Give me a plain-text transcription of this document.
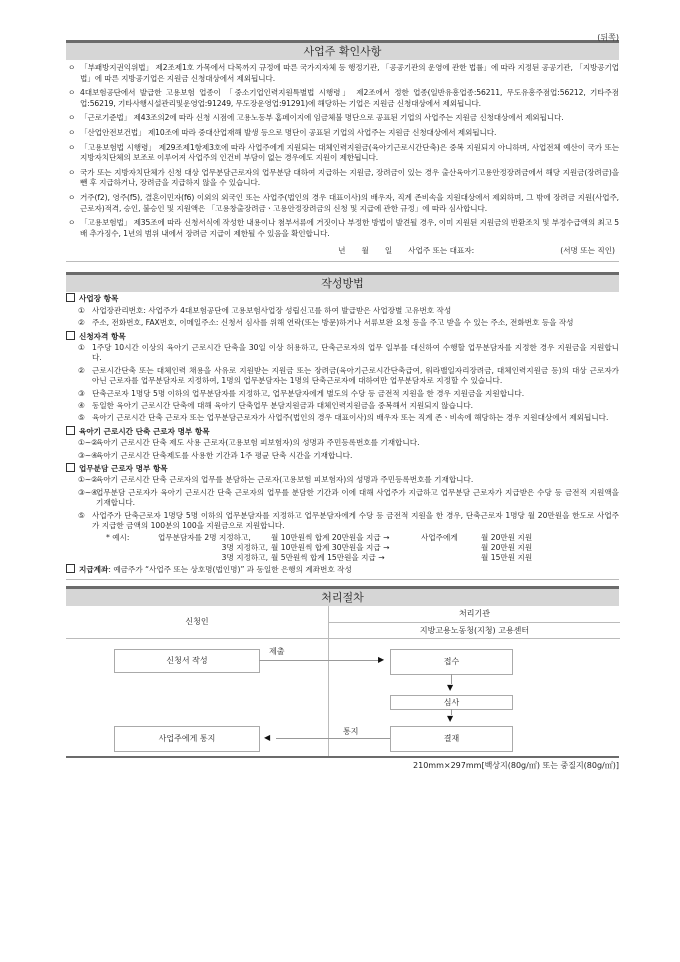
(뒤쪽)
사업주 확인사항
ㅇ 「부패방지권익위법」 제2조제1호 가목에서 다목까지 규정에 따른 국가지자체 등 행정기관, 「공공기관의 운영에 관한 법률」에 따라 지정된 공공기관, 「지방공기업법」에 따른 지방공기업은 지원금 신청대상에서 제외됩니다.
ㅇ 4대보험공단에서 발급한 고용보험 업종이 「중소기업인력지원특별법 시행령」 제2조에서 정한 업종(일반유흥업종:56211, 무도유흥주점업:56212, 기타주점업:56219, 기타사행시설관리및운영업:91249, 무도장운영업:91291)에 해당하는 기업은 지원금 신청대상에서 제외됩니다.
ㅇ 「근로기준법」 제43조의2에 따라 신청 시점에 고용노동부 홈페이지에 임금체불 명단으로 공표된 기업의 사업주는 지원금 신청대상에서 제외됩니다.
ㅇ 「산업안전보건법」 제10조에 따라 중대산업재해 발생 등으로 명단이 공표된 기업의 사업주는 지원금 신청대상에서 제외됩니다.
ㅇ 「고용보험법 시행령」 제29조제1항제3호에 따라 사업주에게 지원되는 대체인력지원금(육아기근로시간단축)은 중복 지원되지 아니하며, 사업전체 예산이 국가 또는 지방자치단체의 보조로 이루어져 사업주의 인건비 부담이 없는 경우에도 지원이 제한됩니다.
ㅇ 국가 또는 지방자치단체가 신청 대상 업무분담근로자의 업무분담 대하여 지급하는 지원금, 장려금이 있는 경우 출산육아기고용안정장려금에서 해당 지원금(장려금)을 뺀 후 지급하거나, 장려금을 지급하지 않을 수 있습니다.
ㅇ 거주(f2), 영주(f5), 결혼이민자(f6) 이외의 외국인 또는 사업주(법인의 경우 대표이사)의 배우자, 직계 존비속을 지원대상에서 제외하며, 그 밖에 장려금 지원(사업주, 근로자)적격, 승인, 불승인 및 지원액은 「고용창출장려금ㆍ고용안정장려금의 신청 및 지급에 관한 규정」에 따라 심사합니다.
ㅇ 「고용보험법」 제35조에 따라 신청서식에 작성한 내용이나 첨부서류에 거짓이나 부정한 방법이 발견될 경우, 이미 지원된 지원금의 반환조치 및 부정수급액의 최고 5배 추가징수, 1년의 범위 내에서 장려금 지급이 제한될 수 있음을 확인합니다.
년 월 일 사업주 또는 대표자:	(서명 또는 직인)
작성방법
사업장 항목
① 사업장관리번호: 사업주가 4대보험공단에 고용보험사업장 성립신고를 하여 발급받은 사업장별 고유번호 작성
② 주소, 전화번호, FAX번호, 이메일주소: 신청서 심사를 위해 연락(또는 방문)하거나 서류보완 요청 등을 주고 받을 수 있는 주소, 전화번호 등을 작성
신청자격 항목
① 1주당 10시간 이상의 육아기 근로시간 단축을 30일 이상 허용하고, 단축근로자의 업무 일부를 대신하여 수행할 업무분담자를 지정한 경우 지원금을 지원합니다.
② 근로시간단축 또는 대체인력 채용을 사유로 지원받는 지원금 또는 장려금(육아기근로시간단축급여, 워라밸일자리장려금, 대체인력지원금 등)의 대상 근로자가 아닌 근로자를 업무분담자로 지정하여, 1명의 업무분담자는 1명의 단축근로자에 대하여만 업무분담자로 지정할 수 있습니다.
③ 단축근로자 1명당 5명 이하의 업무분담자를 지정하고, 업무분담자에게 별도의 수당 등 금전적 지원을 한 경우 지원금을 지원합니다.
④ 동일한 육아기 근로시간 단축에 대해 육아기 단축업무 분담지원금과 대체인력지원금을 중복해서 지원되지 않습니다.
⑤ 육아기 근로시간 단축 근로자 또는 업무분담근로자가 사업주(법인의 경우 대표이사)의 배우자 또는 직계 존ㆍ비속에 해당하는 경우 지원대상에서 제외됩니다.
육아기 근로시간 단축 근로자 명부 항목
①~②
육아기 근로시간 단축 제도 사용 근로자(고용보험 피보험자)의 성명과 주민등록번호를 기재합니다.
③~④
육아기 근로시간 단축제도를 사용한 기간과 1주 평균 단축 시간을 기재합니다.
업무분담 근로자 명부 항목
①~②
육아기 근로시간 단축 근로자의 업무를 분담하는 근로자(고용보험 피보험자)의 성명과 주민등록번호를 기재합니다.
③~④
업무분담 근로자가 육아기 근로시간 단축 근로자의 업무를 분담한 기간과 이에 대해 사업주가 지급하고 업무분담 근로자가 지급받은 수당 등 금전적 지원액을 기재합니다.
⑤ 사업주가 단축근로자 1명당 5명 이하의 업무분담자를 지정하고 업무분담자에게 수당 등 금전적 지원을 한 경우, 단축근로자 1명당 월 20만원을 한도로 사업주가 지급한 금액의 100분의 100을 지원금으로 지원합니다.
* 예시:	업무분담자를 2명 지정하고,	월 10만원씩 합계 20만원을 지급 →	사업주에게	월 20만원 지원
3명 지정하고, 월 10만원씩 합계 30만원을 지급 →	월 20만원 지원
3명 지정하고, 월 5만원씩 합계 15만원을 지급 →	월 15만원 지원
지급계좌: 예금주가 “사업주 또는 상호명(법인명)” 과 동일한 은행의 계좌번호 작성
처리절차
신청인
처리기관
지방고용노동청(지청) 고용센터
신청서 작성
제출
▶	접수
▼
심사
▼
결재
통지
◀
사업주에게 통지
210mm×297mm[백상지(80g/㎡) 또는 중질지(80g/㎡)]
